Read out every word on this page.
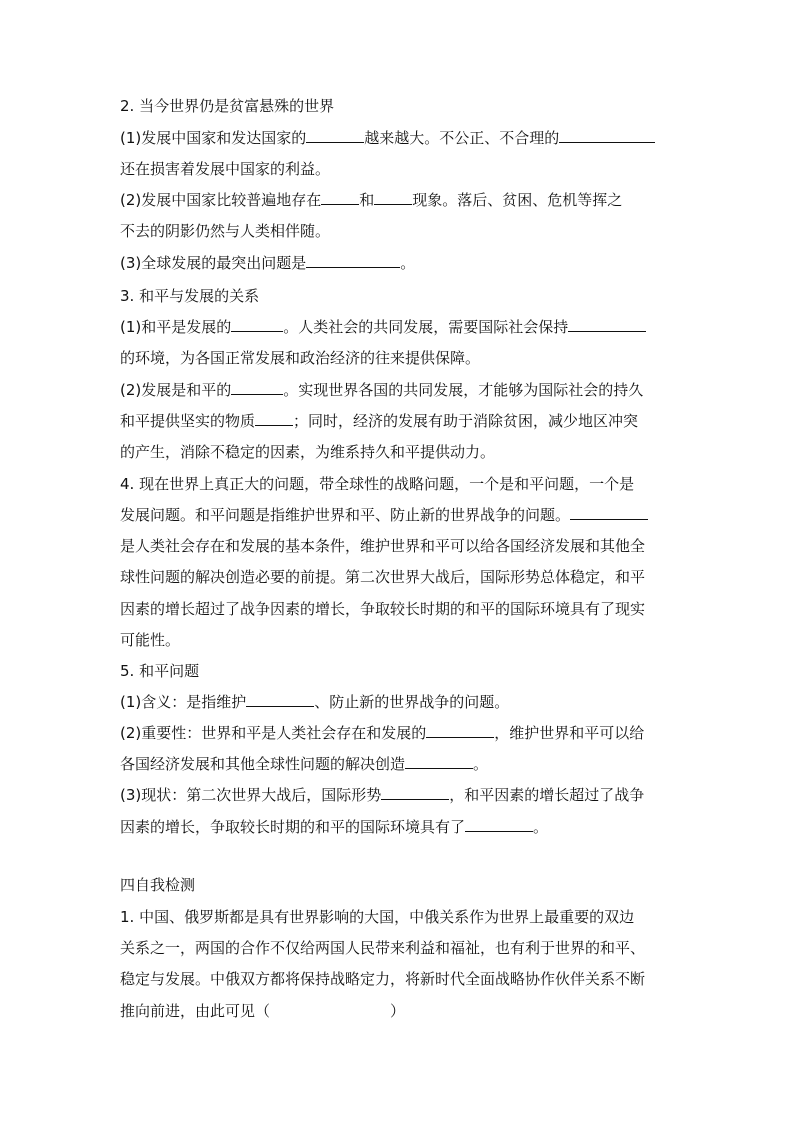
2. 当今世界仍是贫富悬殊的世界
(1)发展中国家和发达国家的	越来越大。不公正、不合理的
还在损害着发展中国家的利益。
(2)发展中国家比较普遍地存在	和	现象。落后、贫困、危机等挥之
不去的阴影仍然与人类相伴随。
(3)全球发展的最突出问题是	。
3. 和平与发展的关系
(1)和平是发展的	。人类社会的共同发展，需要国际社会保持
的环境，为各国正常发展和政治经济的往来提供保障。
(2)发展是和平的	。实现世界各国的共同发展，才能够为国际社会的持久
和平提供坚实的物质	；同时，经济的发展有助于消除贫困，减少地区冲突
的产生，消除不稳定的因素，为维系持久和平提供动力。
4. 现在世界上真正大的问题，带全球性的战略问题，一个是和平问题，一个是
发展问题。和平问题是指维护世界和平、防止新的世界战争的问题。
是人类社会存在和发展的基本条件，维护世界和平可以给各国经济发展和其他全
球性问题的解决创造必要的前提。第二次世界大战后，国际形势总体稳定，和平
因素的增长超过了战争因素的增长，争取较长时期的和平的国际环境具有了现实
可能性。
5. 和平问题
(1)含义：是指维护	、防止新的世界战争的问题。
(2)重要性：世界和平是人类社会存在和发展的	，维护世界和平可以给
各国经济发展和其他全球性问题的解决创造	。
(3)现状：第二次世界大战后，国际形势	，和平因素的增长超过了战争
因素的增长，争取较长时期的和平的国际环境具有了	。
四自我检测
1. 中国、俄罗斯都是具有世界影响的大国，中俄关系作为世界上最重要的双边
关系之一，两国的合作不仅给两国人民带来利益和福祉，也有利于世界的和平、
稳定与发展。中俄双方都将保持战略定力，将新时代全面战略协作伙伴关系不断
推向前进，由此可见（	）
